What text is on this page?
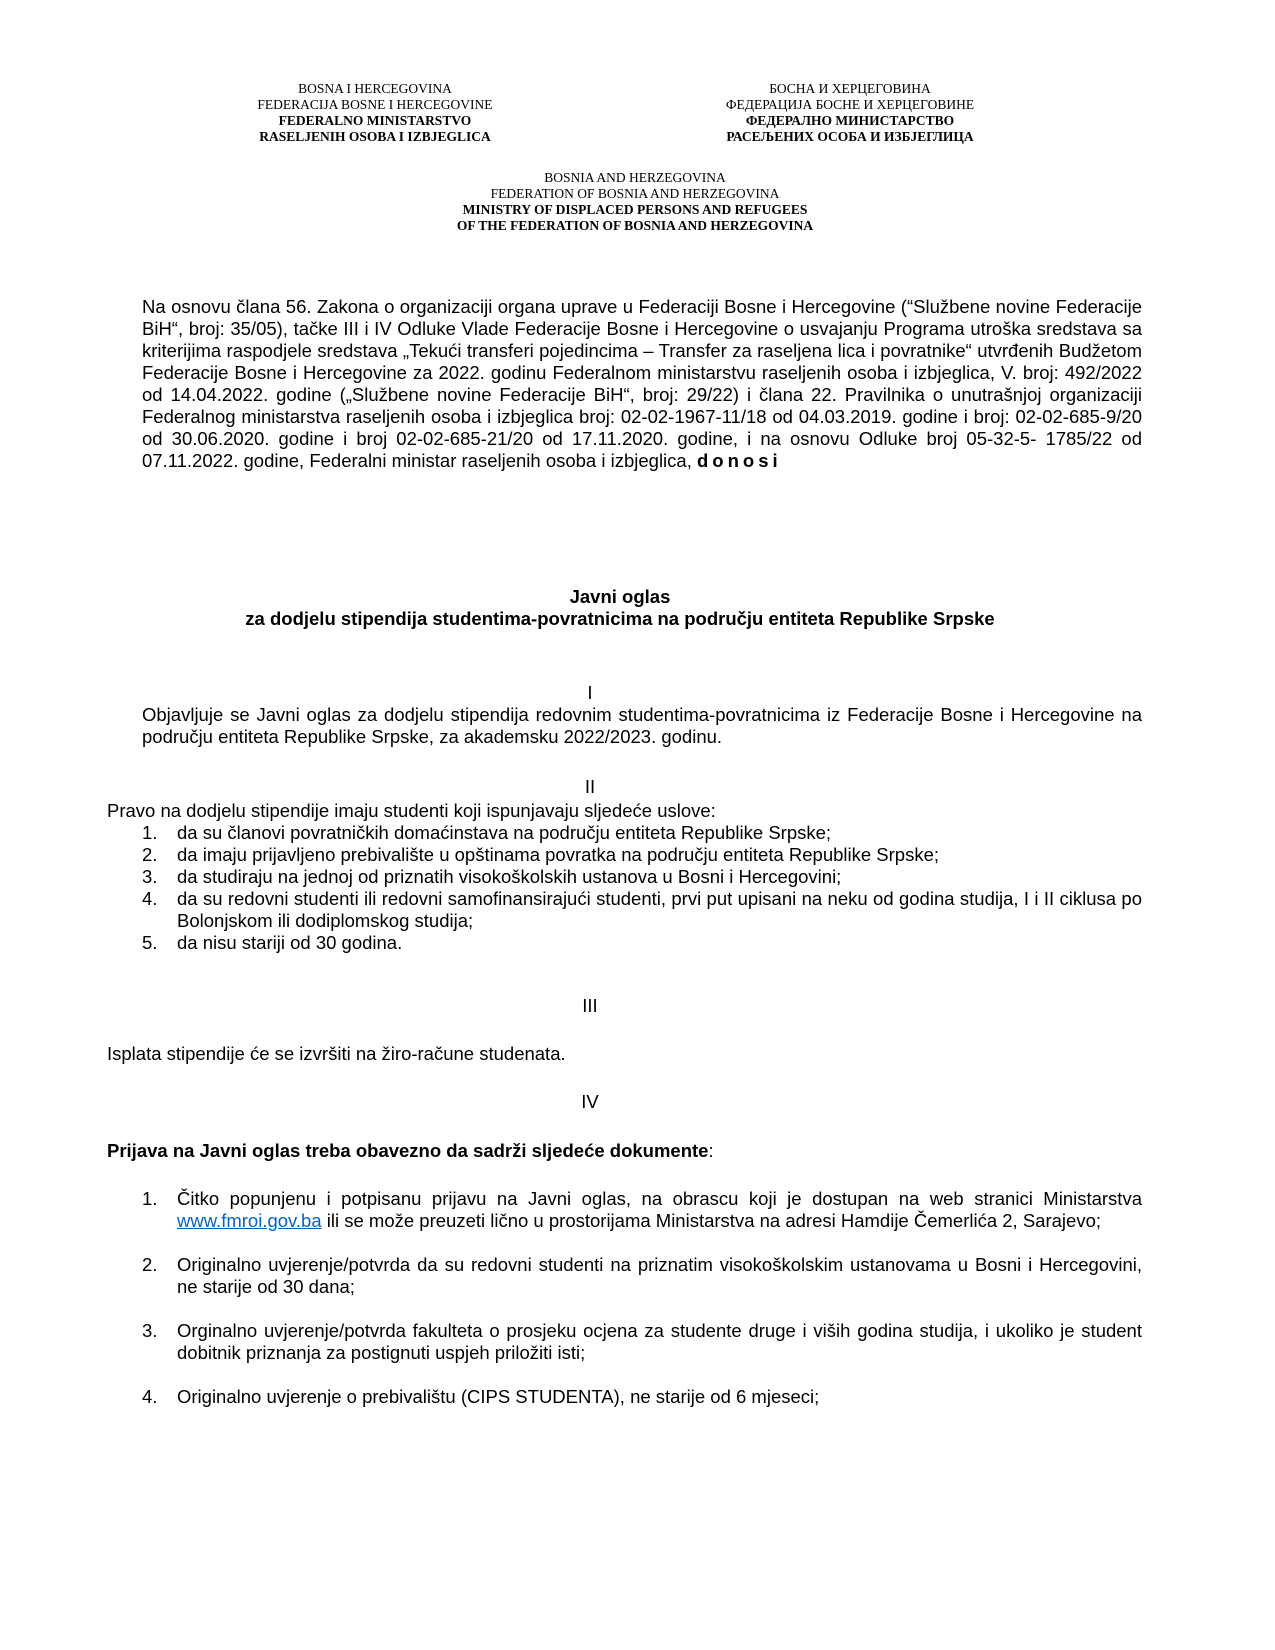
BOSNA I HERCEGOVINA
FEDERACIJA BOSNE I HERCEGOVINE
FEDERALNO MINISTARSTVO
RASELJENIH OSOBA I IZBJEGLICA
БОСНА И ХЕРЦЕГОВИНА
ФЕДЕРАЦИЈА БОСНЕ И ХЕРЦЕГОВИНЕ
ФЕДЕРАЛНО МИНИСТАРСТВО
РАСЕЉЕНИХ ОСОБА И ИЗБЈЕГЛИЦА
BOSNIA AND HERZEGOVINA
FEDERATION OF BOSNIA AND HERZEGOVINA
MINISTRY OF DISPLACED PERSONS AND REFUGEES
OF THE FEDERATION OF BOSNIA AND HERZEGOVINA
Na osnovu člana 56. Zakona o organizaciji organa uprave u Federaciji Bosne i Hercegovine (“Službene novine Federacije BiH“, broj: 35/05), tačke III i IV Odluke Vlade Federacije Bosne i Hercegovine o usvajanju Programa utroška sredstava sa kriterijima raspodjele sredstava „Tekući transferi pojedincima – Transfer za raseljena lica i povratnike“ utvrđenih Budžetom Federacije Bosne i Hercegovine za 2022. godinu Federalnom ministarstvu raseljenih osoba i izbjeglica, V. broj: 492/2022 od 14.04.2022. godine („Službene novine Federacije BiH“, broj: 29/22) i člana 22. Pravilnika o unutrašnjoj organizaciji Federalnog ministarstva raseljenih osoba i izbjeglica broj: 02-02-1967-11/18 od 04.03.2019. godine i broj: 02-02-685-9/20 od 30.06.2020. godine i broj 02-02-685-21/20 od 17.11.2020. godine, i na osnovu Odluke broj 05-32-5- 1785/22 od 07.11.2022. godine, Federalni ministar raseljenih osoba i izbjeglica, donosi
Javni oglas
za dodjelu stipendija studentima-povratnicima na području entiteta Republike Srpske
I
Objavljuje se Javni oglas za dodjelu stipendija redovnim studentima-povratnicima iz Federacije Bosne i Hercegovine na području entiteta Republike Srpske, za akademsku 2022/2023. godinu.
II
Pravo na dodjelu stipendije imaju studenti koji ispunjavaju sljedeće uslove:
1. da su članovi povratničkih domaćinstava na području entiteta Republike Srpske;
2. da imaju prijavljeno prebivalište u opštinama povratka na području entiteta Republike Srpske;
3. da studiraju na jednoj od priznatih visokoškolskih ustanova u Bosni i Hercegovini;
4. da su redovni studenti ili redovni samofinansirajući studenti, prvi put upisani na neku od godina studija, I i II ciklusa po Bolonjskom ili dodiplomskog studija;
5. da nisu stariji od 30 godina.
III
Isplata stipendije će se izvršiti na žiro-račune studenata.
IV
Prijava na Javni oglas treba obavezno da sadrži sljedeće dokumente:
1. Čitko popunjenu i potpisanu prijavu na Javni oglas, na obrascu koji je dostupan na web stranici Ministarstva www.fmroi.gov.ba ili se može preuzeti lično u prostorijama Ministarstva na adresi Hamdije Čemerlića 2, Sarajevo;
2. Originalno uvjerenje/potvrda da su redovni studenti na priznatim visokoškolskim ustanovama u Bosni i Hercegovini, ne starije od 30 dana;
3. Orginalno uvjerenje/potvrda fakulteta o prosjeku ocjena za studente druge i viših godina studija, i ukoliko je student dobitnik priznanja za postignuti uspjeh priložiti isti;
4. Originalno uvjerenje o prebivalištu (CIPS STUDENTA), ne starije od 6 mjeseci;
